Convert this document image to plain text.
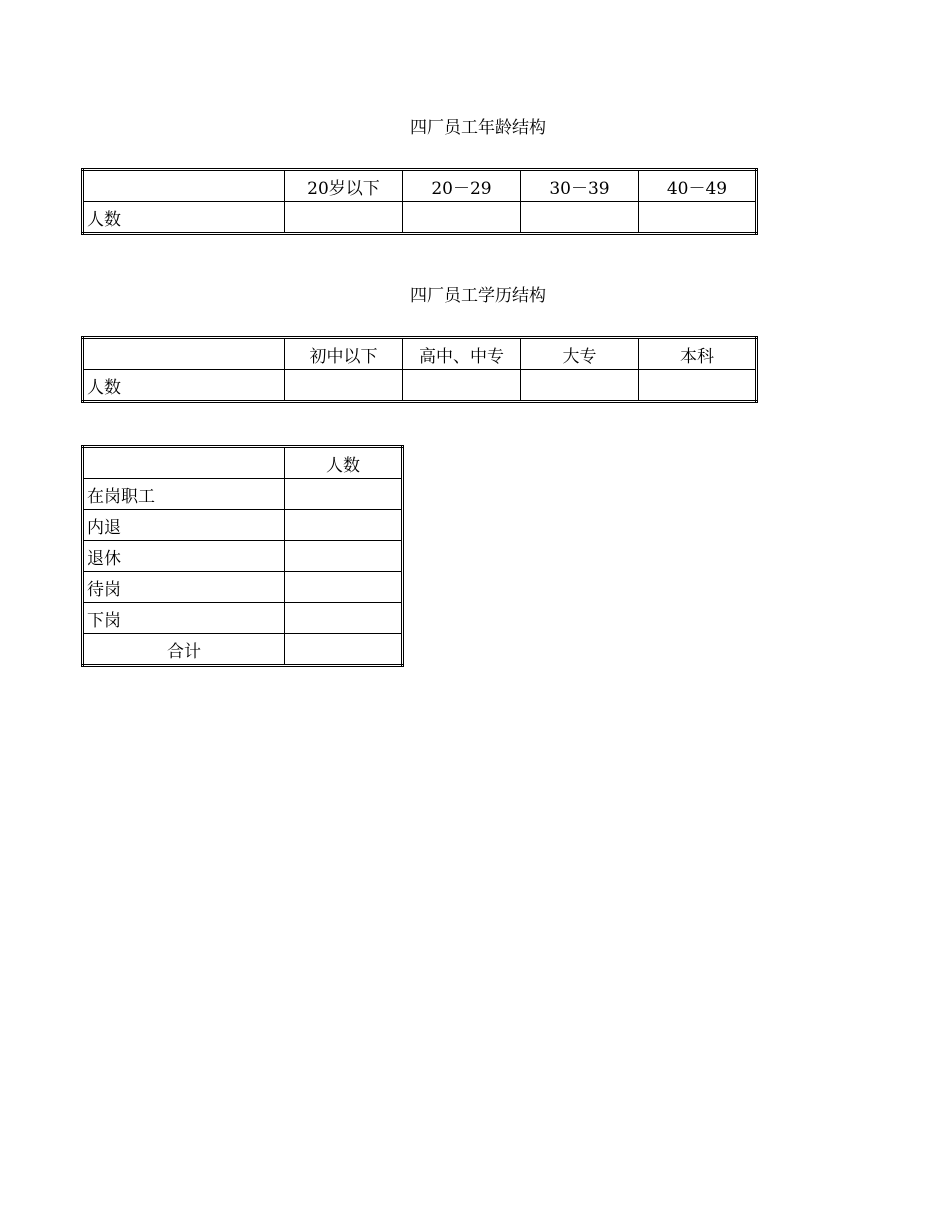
四厂员工年龄结构
	20岁以下	20－29	30－39	40－49
人数				
四厂员工学历结构
	初中以下	高中、中专	大专	本科
人数				
	人数
在岗职工	
内退	
退休	
待岗	
下岗	
合计	
